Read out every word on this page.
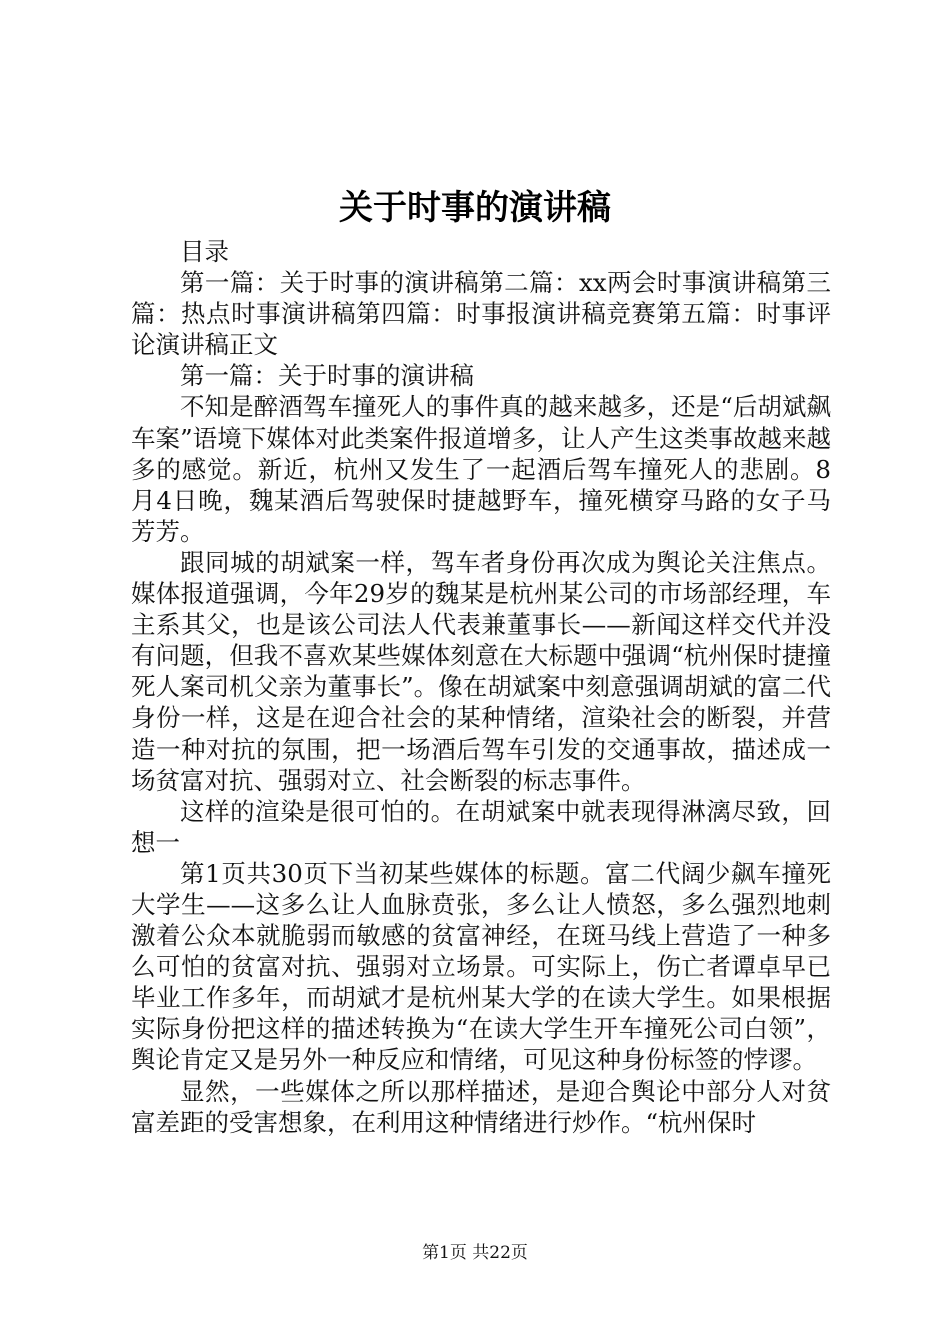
关于时事的演讲稿

目录

第一篇：关于时事的演讲稿第二篇：xx两会时事演讲稿第三篇：热点时事演讲稿第四篇：时事报演讲稿竞赛第五篇：时事评论演讲稿正文

第一篇：关于时事的演讲稿

不知是醉酒驾车撞死人的事件真的越来越多，还是“后胡斌飙车案”语境下媒体对此类案件报道增多，让人产生这类事故越来越多的感觉。新近，杭州又发生了一起酒后驾车撞死人的悲剧。8月4日晚，魏某酒后驾驶保时捷越野车，撞死横穿马路的女子马芳芳。

跟同城的胡斌案一样，驾车者身份再次成为舆论关注焦点。媒体报道强调，今年29岁的魏某是杭州某公司的市场部经理，车主系其父，也是该公司法人代表兼董事长——新闻这样交代并没有问题，但我不喜欢某些媒体刻意在大标题中强调“杭州保时捷撞死人案司机父亲为董事长”。像在胡斌案中刻意强调胡斌的富二代身份一样，这是在迎合社会的某种情绪，渲染社会的断裂，并营造一种对抗的氛围，把一场酒后驾车引发的交通事故，描述成一场贫富对抗、强弱对立、社会断裂的标志事件。

这样的渲染是很可怕的。在胡斌案中就表现得淋漓尽致，回想一

第1页共30页下当初某些媒体的标题。富二代阔少飙车撞死大学生——这多么让人血脉贲张，多么让人愤怒，多么强烈地刺激着公众本就脆弱而敏感的贫富神经，在斑马线上营造了一种多么可怕的贫富对抗、强弱对立场景。可实际上，伤亡者谭卓早已毕业工作多年，而胡斌才是杭州某大学的在读大学生。如果根据实际身份把这样的描述转换为“在读大学生开车撞死公司白领”，舆论肯定又是另外一种反应和情绪，可见这种身份标签的悖谬。

显然，一些媒体之所以那样描述，是迎合舆论中部分人对贫富差距的受害想象，在利用这种情绪进行炒作。“杭州保时

第1页 共22页
